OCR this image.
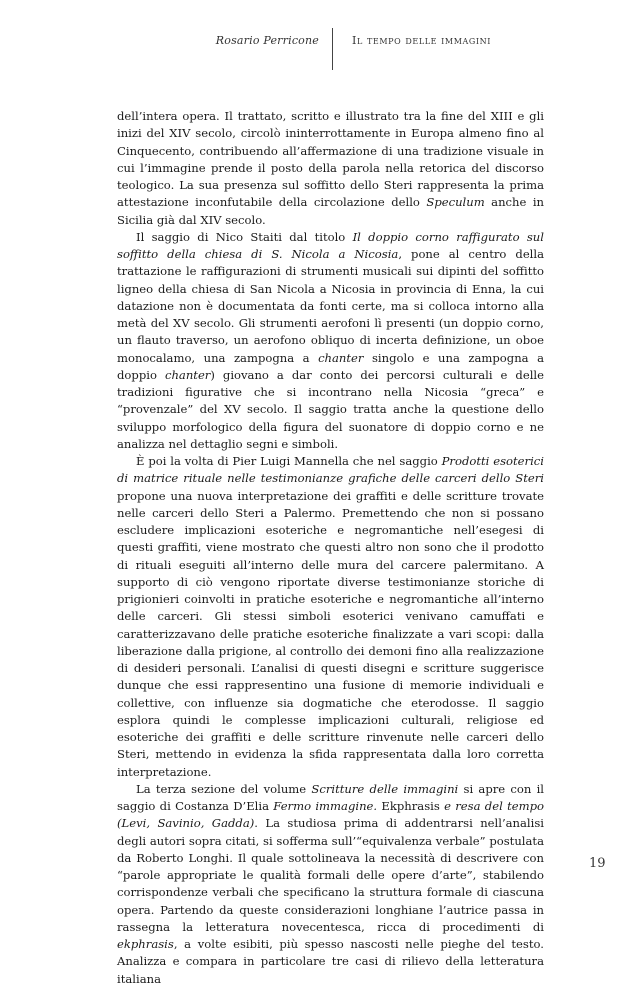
Rosario Perricone	Il tempo delle immagini

dell’intera opera. Il trattato, scritto e illustrato tra la fine del XIII e gli inizi del XIV secolo, circolò ininterrottamente in Europa almeno fino al Cinquecento, contribuendo all’affermazione di una tradizione visuale in cui l’immagine prende il posto della parola nella retorica del discorso teologico. La sua presenza sul soffitto dello Steri rappresenta la prima attestazione inconfutabile della circolazione dello Speculum anche in Sicilia già dal XIV secolo.

Il saggio di Nico Staiti dal titolo Il doppio corno raffigurato sul soffitto della chiesa di S. Nicola a Nicosia, pone al centro della trattazione le raffigurazioni di strumenti musicali sui dipinti del soffitto ligneo della chiesa di San Nicola a Nicosia in provincia di Enna, la cui datazione non è documentata da fonti certe, ma si colloca intorno alla metà del XV secolo. Gli strumenti aerofoni lì presenti (un doppio corno, un flauto traverso, un aerofono obliquo di incerta definizione, un oboe monocalamo, una zampogna a chanter singolo e una zampogna a doppio chanter) giovano a dar conto dei percorsi culturali e delle tradizioni figurative che si incontrano nella Nicosia “greca” e “provenzale” del XV secolo. Il saggio tratta anche la questione dello sviluppo morfologico della figura del suonatore di doppio corno e ne analizza nel dettaglio segni e simboli.

È poi la volta di Pier Luigi Mannella che nel saggio Prodotti esoterici di matrice rituale nelle testimonianze grafiche delle carceri dello Steri propone una nuova interpretazione dei graffiti e delle scritture trovate nelle carceri dello Steri a Palermo. Premettendo che non si possano escludere implicazioni esoteriche e negromantiche nell’esegesi di questi graffiti, viene mostrato che questi altro non sono che il prodotto di rituali eseguiti all’interno delle mura del carcere palermitano. A supporto di ciò vengono riportate diverse testimonianze storiche di prigionieri coinvolti in pratiche esoteriche e negromantiche all’interno delle carceri. Gli stessi simboli esoterici venivano camuffati e caratterizzavano delle pratiche esoteriche finalizzate a vari scopi: dalla liberazione dalla prigione, al controllo dei demoni fino alla realizzazione di desideri personali. L’analisi di questi disegni e scritture suggerisce dunque che essi rappresentino una fusione di memorie individuali e collettive, con influenze sia dogmatiche che eterodosse. Il saggio esplora quindi le complesse implicazioni culturali, religiose ed esoteriche dei graffiti e delle scritture rinvenute nelle carceri dello Steri, mettendo in evidenza la sfida rappresentata dalla loro corretta interpretazione.

La terza sezione del volume Scritture delle immagini si apre con il saggio di Costanza D’Elia Fermo immagine. Ekphrasis e resa del tempo (Levi, Savinio, Gadda). La studiosa prima di addentrarsi nell’analisi degli autori sopra citati, si sofferma sull’“equivalenza verbale” postulata da Roberto Longhi. Il quale sottolineava la necessità di descrivere con “parole appropriate le qualità formali delle opere d’arte”, stabilendo corrispondenze verbali che specificano la struttura formale di ciascuna opera. Partendo da queste considerazioni longhiane l’autrice passa in rassegna la letteratura novecentesca, ricca di procedimenti di ekphrasis, a volte esibiti, più spesso nascosti nelle pieghe del testo. Analizza e compara in particolare tre casi di rilievo della letteratura italiana

19
